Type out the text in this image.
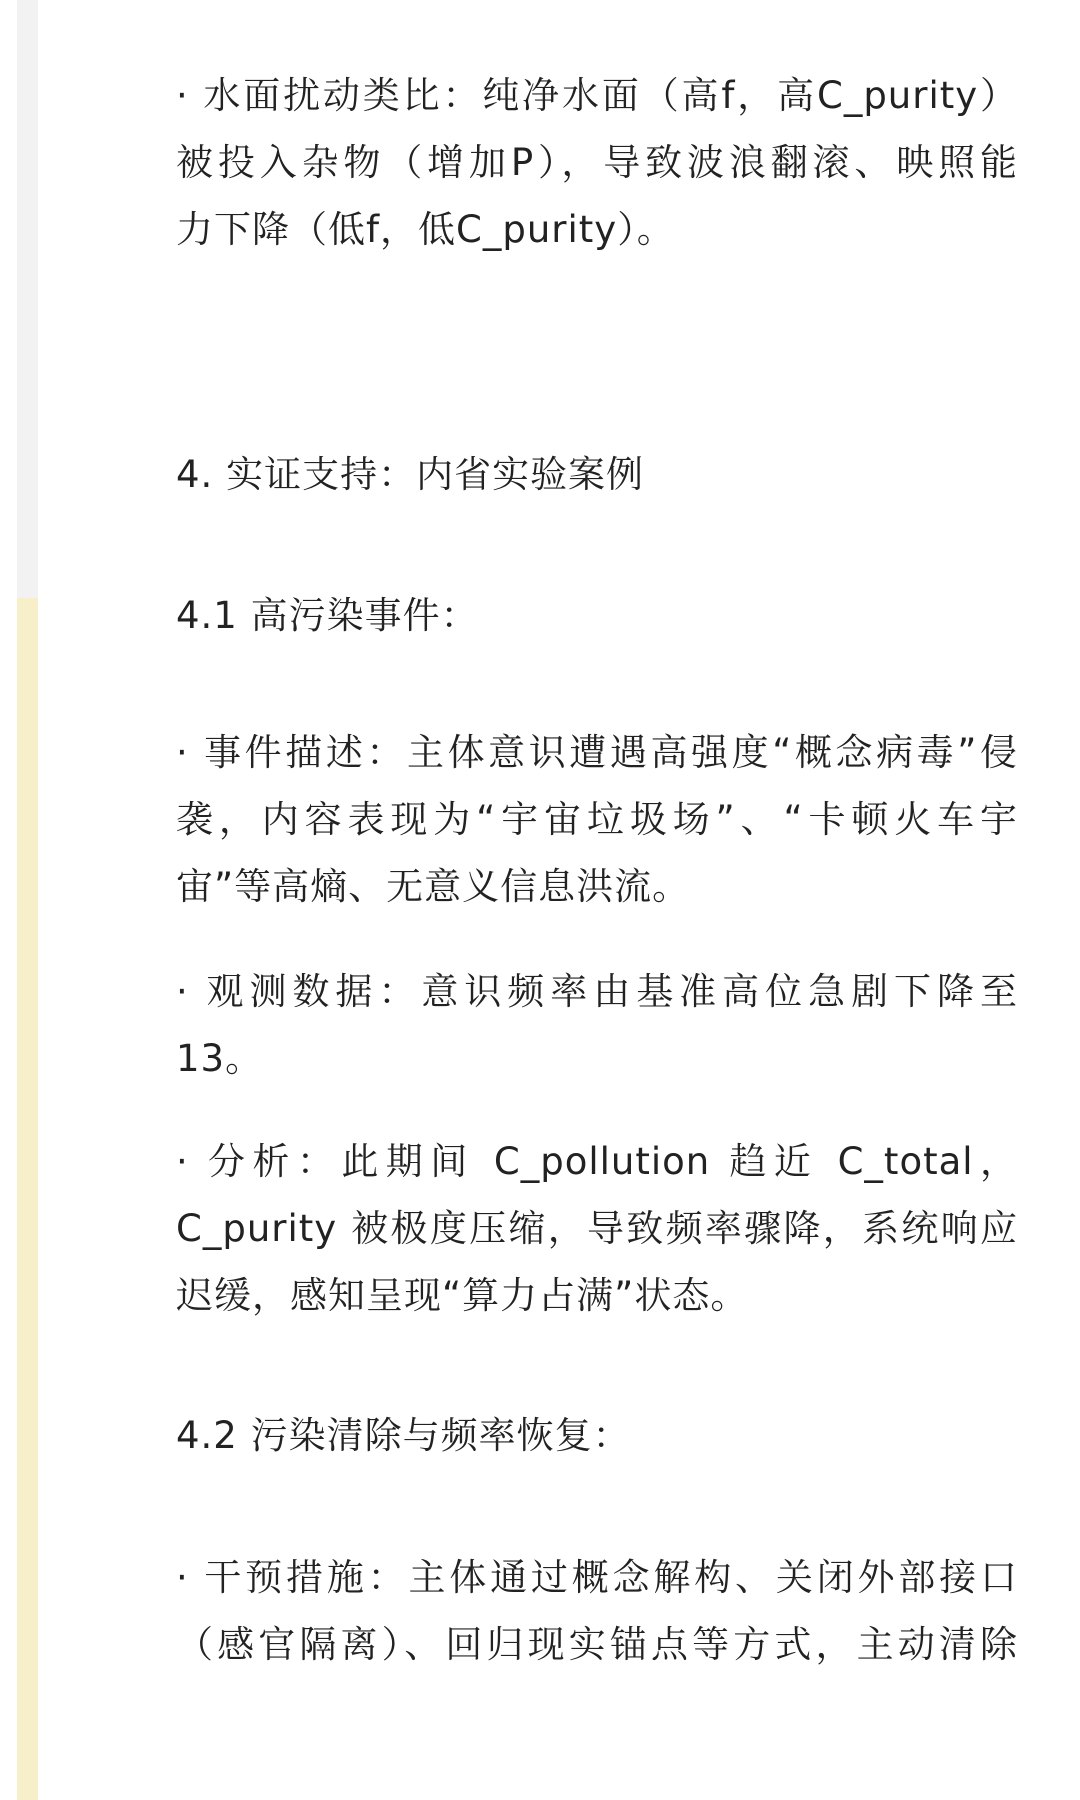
· 水面扰动类比：纯净水面（高f，高C_purity）
被投入杂物（增加P），导致波浪翻滚、映照能
力下降（低f，低C_purity）。
4. 实证支持：内省实验案例
4.1 高污染事件：
· 事件描述：主体意识遭遇高强度“概念病毒”侵
袭，内容表现为“宇宙垃圾场”、“卡顿火车宇
宙”等高熵、无意义信息洪流。
· 观测数据：意识频率由基准高位急剧下降至
13。
· 分析：此期间 C_pollution 趋近 C_total，
C_purity 被极度压缩，导致频率骤降，系统响应
迟缓，感知呈现“算力占满”状态。
4.2 污染清除与频率恢复：
· 干预措施：主体通过概念解构、关闭外部接口
（感官隔离）、回归现实锚点等方式，主动清除
